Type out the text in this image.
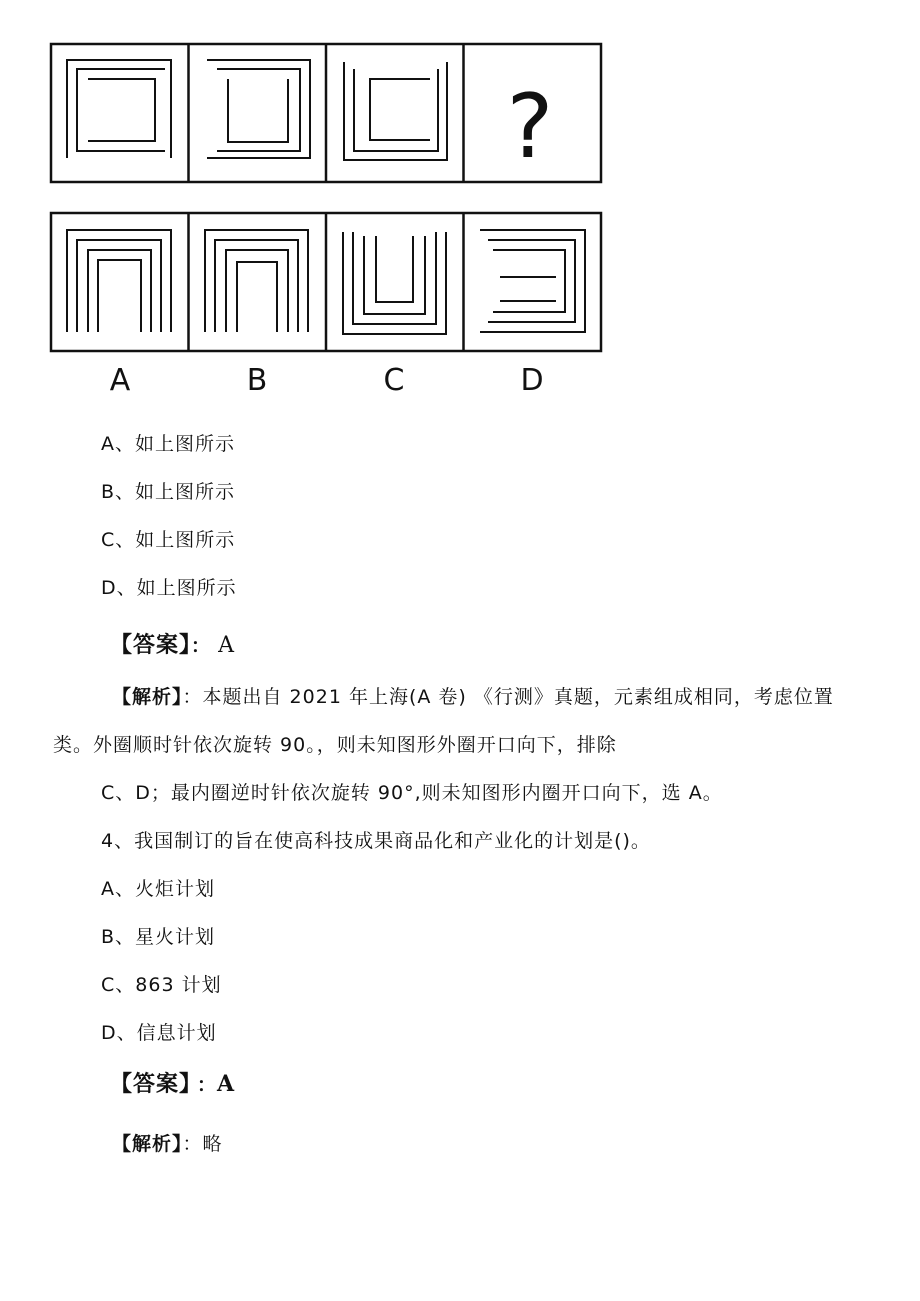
?
A	B	C	D
A、如上图所示
B、如上图所示
C、如上图所示
D、如上图所示
【答案】： A
【解析】：本题出自 2021 年上海(A 卷) 《行测》真题，元素组成相同，考虑位置
类。外圈顺时针依次旋转 90。，则未知图形外圈开口向下，排除
C、D；最内圈逆时针依次旋转 90°,则未知图形内圈开口向下，选 A。
4、我国制订的旨在使高科技成果商品化和产业化的计划是()。
A、火炬计划
B、星火计划
C、863 计划
D、信息计划
【答案】 ：A
【解析】：略
